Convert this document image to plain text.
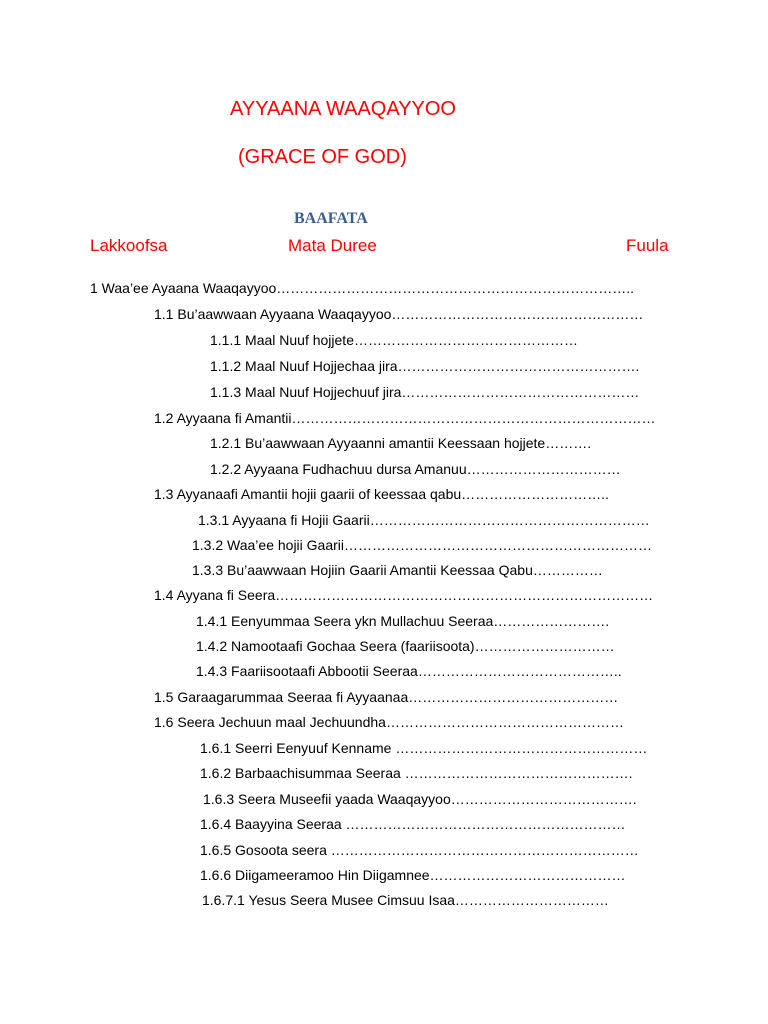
AYYAANA WAAQAYYOO
(GRACE OF GOD)
BAAFATA
Lakkoofsa	Mata Duree	Fuula
1 Waa’ee Ayaana Waaqayyoo…………………………………………………………………..
1.1 Bu’aawwaan Ayyaana Waaqayyoo………………………………………………
1.1.1 Maal Nuuf hojjete…………………………………………
1.1.2 Maal Nuuf Hojjechaa jira…………………………………………….
1.1.3 Maal Nuuf Hojjechuuf jira……………………………………………
1.2 Ayyaana fi Amantii……………………………………………………………………
1.2.1 Bu’aawwaan Ayyaanni amantii Keessaan hojjete……….
1.2.2 Ayyaana Fudhachuu dursa Amanuu……………………………
1.3 Ayyanaafi Amantii hojii gaarii of keessaa qabu…………………………..
1.3.1 Ayyaana fi Hojii Gaarii……………………………………………………
1.3.2 Waa’ee hojii Gaarii…………………………………………………………
1.3.3 Bu’aawwaan Hojiin Gaarii Amantii Keessaa Qabu……………
1.4 Ayyana fi Seera………………………………………………………………………
1.4.1 Eenyummaa Seera ykn Mullachuu Seeraa…………………….
1.4.2 Namootaafi Gochaa Seera (faariisoota)…………………………
1.4.3 Faariisootaafi Abbootii Seeraa……………………………………..
1.5 Garaagarummaa Seeraa fi Ayyaanaa………………………………………
1.6 Seera Jechuun maal Jechuundha……………………………………………
1.6.1 Seerri Eenyuuf Kenname ………………………………………………
1.6.2 Barbaachisummaa Seeraa ………………………………………….
1.6.3 Seera Museefii yaada Waaqayyoo………………………………….
1.6.4 Baayyina Seeraa ……………………………………………………
1.6.5 Gosoota seera …………………………………………………………
1.6.6 Diigameeramoo Hin Diigamnee……………………………………
1.6.7.1 Yesus Seera Musee Cimsuu Isaa……………………………
